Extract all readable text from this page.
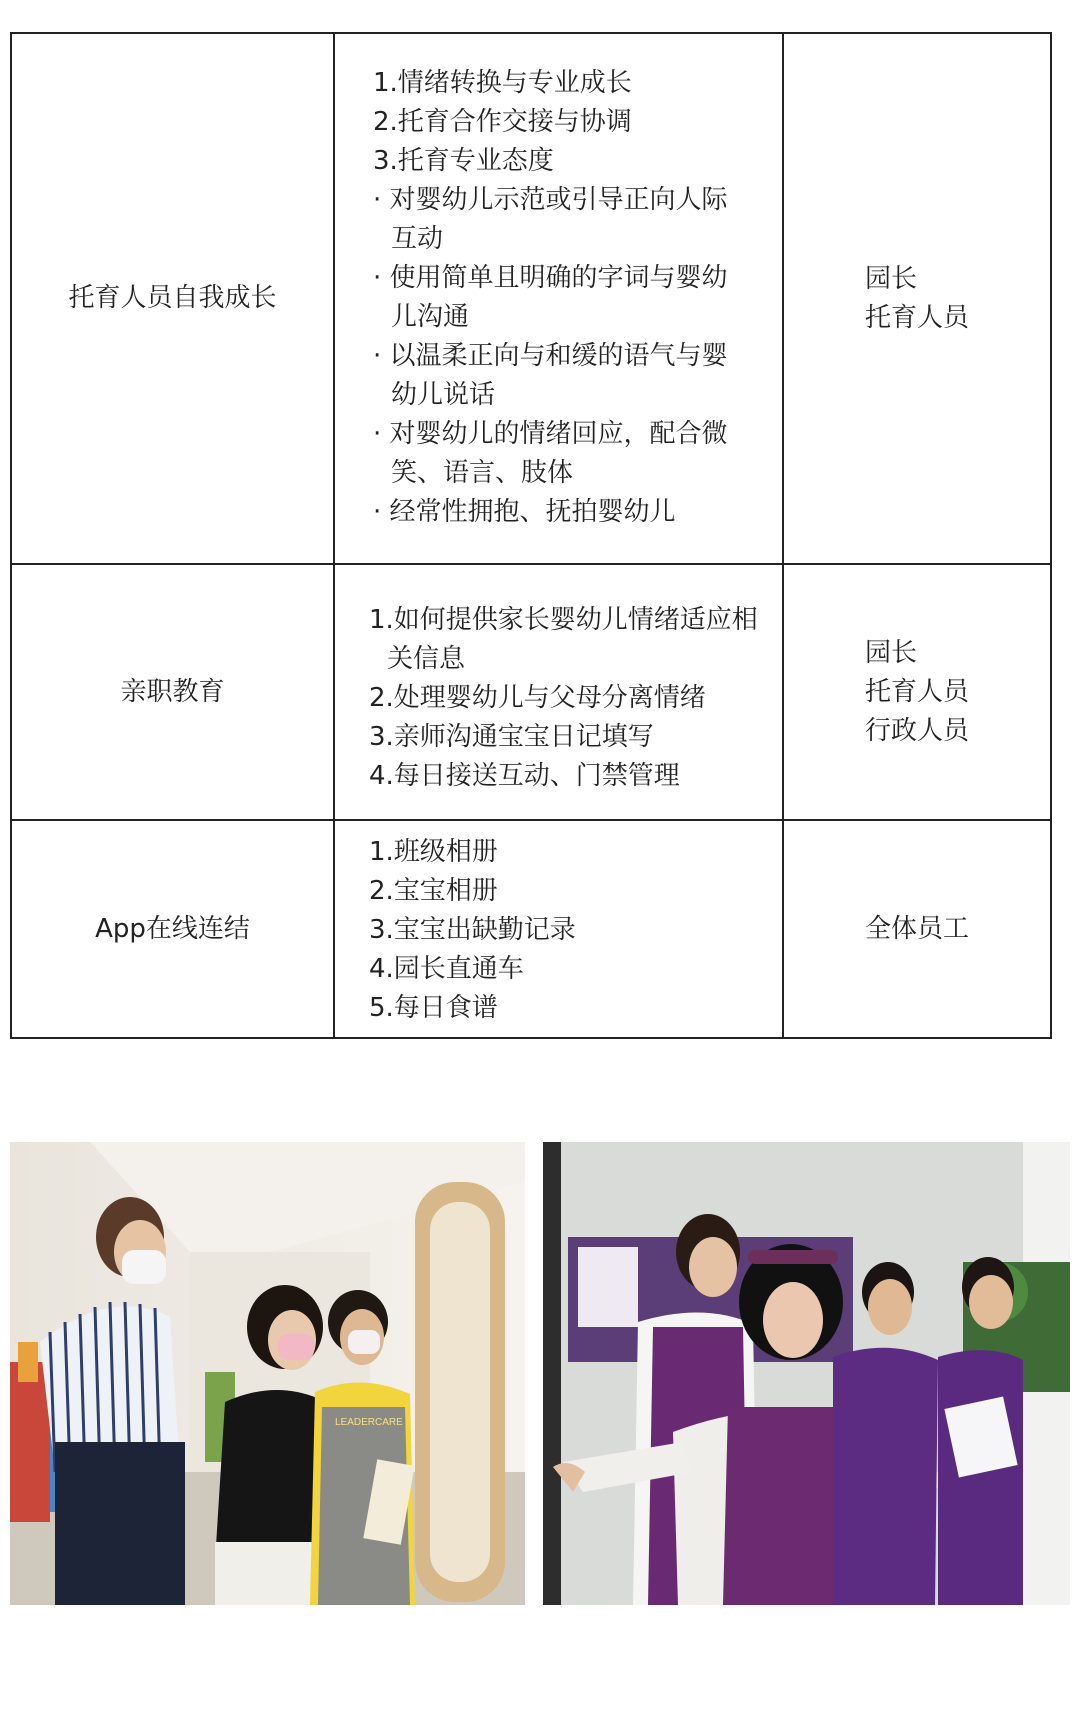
托育人员自我成长
1.情绪转换与专业成长
2.托育合作交接与协调
3.托育专业态度
· 对婴幼儿示范或引导正向人际互动
· 使用简单且明确的字词与婴幼儿沟通
· 以温柔正向与和缓的语气与婴幼儿说话
· 对婴幼儿的情绪回应，配合微笑、语言、肢体
· 经常性拥抱、抚拍婴幼儿
园长
托育人员
亲职教育
1.如何提供家长婴幼儿情绪适应相关信息
2.处理婴幼儿与父母分离情绪
3.亲师沟通宝宝日记填写
4.每日接送互动、门禁管理
园长
托育人员
行政人员
App在线连结
1.班级相册
2.宝宝相册
3.宝宝出缺勤记录
4.园长直通车
5.每日食谱
全体员工
LEADERCARE
